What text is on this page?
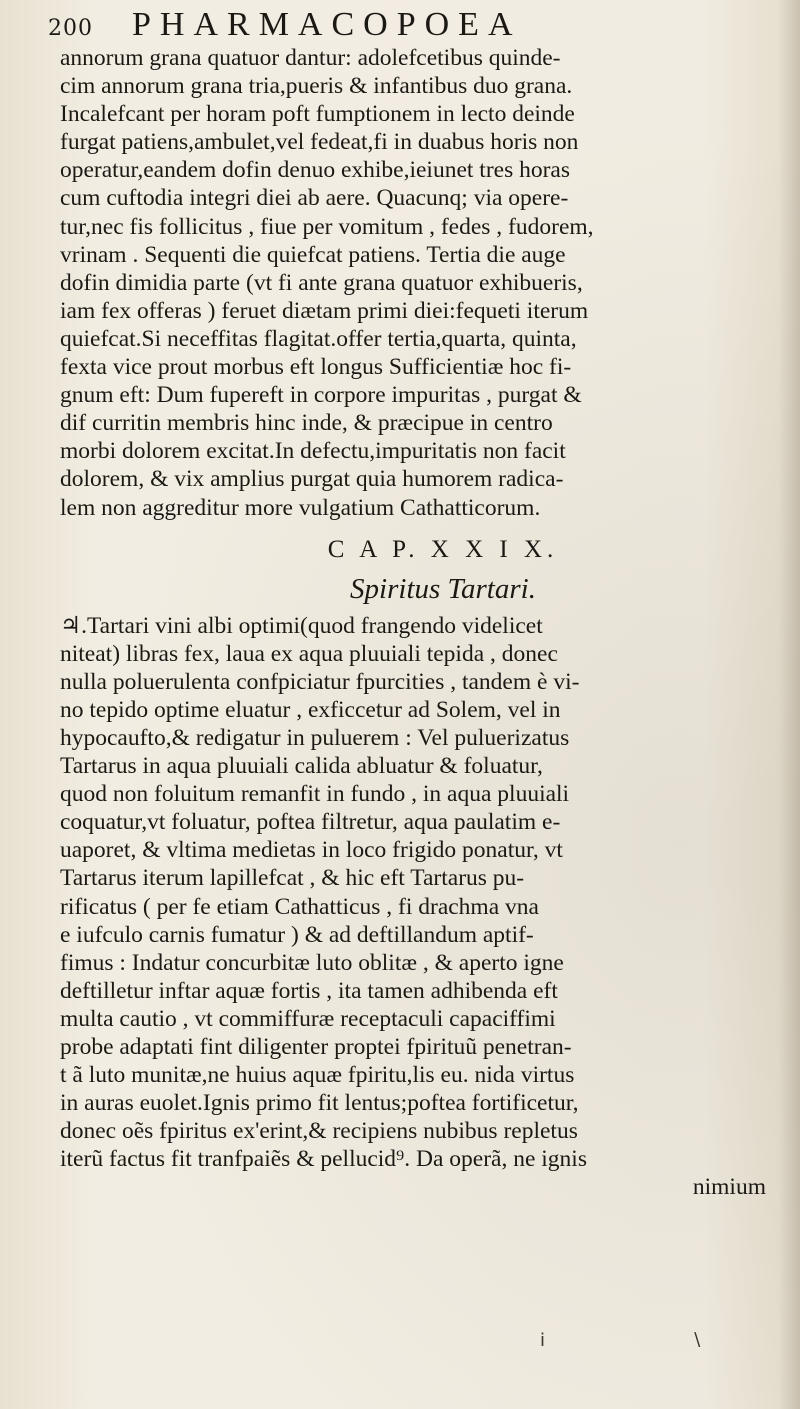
200 PHARMACOPOEA
annorum grana quatuor dantur: adolefcetibus quinde-
cim annorum grana tria,pueris & infantibus duo grana.
Incalefcant per horam poft fumptionem in lecto deinde
furgat patiens,ambulet,vel fedeat,fi in duabus horis non
operatur,eandem dofin denuo exhibe,ieiunet tres horas
cum cuftodia integri diei ab aere. Quacunq; via opere-
tur,nec fis follicitus , fiue per vomitum , fedes , fudorem,
vrinam . Sequenti die quiefcat patiens. Tertia die auge
dofin dimidia parte (vt fi ante grana quatuor exhibueris,
iam fex offeras ) feruet diætam primi diei:fequeti iterum
quiefcat.Si neceffitas flagitat.offer tertia,quarta, quinta,
fexta vice prout morbus eft longus Sufficientiæ hoc fi-
gnum eft: Dum fupereft in corpore impuritas , purgat &
dif curritin membris hinc inde, & præcipue in centro
morbi dolorem excitat.In defectu,impuritatis non facit
dolorem, & vix amplius purgat quia humorem radica-
lem non aggreditur more vulgatium Cathatticorum.
C A P. X X I X.
Spiritus Tartari.
♃.Tartari vini albi optimi(quod frangendo videlicet
niteat) libras fex, laua ex aqua pluuiali tepida , donec
nulla poluerulenta confpiciatur fpurcities , tandem è vi-
no tepido optime eluatur , exficcetur ad Solem, vel in
hypocaufto,& redigatur in puluerem : Vel puluerizatus
Tartarus in aqua pluuiali calida abluatur & foluatur,
quod non foluitum remanfit in fundo , in aqua pluuiali
coquatur,vt foluatur, poftea filtretur, aqua paulatim e-
uaporet, & vltima medietas in loco frigido ponatur, vt
Tartarus iterum lapillefcat , & hic eft Tartarus pu-
rificatus ( per fe etiam Cathatticus , fi drachma vna
e iufculo carnis fumatur ) & ad deftillandum aptif-
fimus : Indatur concurbitæ luto oblitæ , & aperto igne
deftilletur inftar aquæ fortis , ita tamen adhibenda eft
multa cautio , vt commiffuræ receptaculi capaciffimi
probe adaptati fint diligenter proptei fpirituũ penetran-
t ã luto munitæ,ne huius aquæ fpiritu,lis eu. nida virtus
in auras euolet.Ignis primo fit lentus;poftea fortificetur,
donec oẽs fpiritus ex'erint,& recipiens nubibus repletus
iterũ factus fit tranfpaiẽs & pellucid⁹. Da operã, ne ignis
nimium
i ∖
